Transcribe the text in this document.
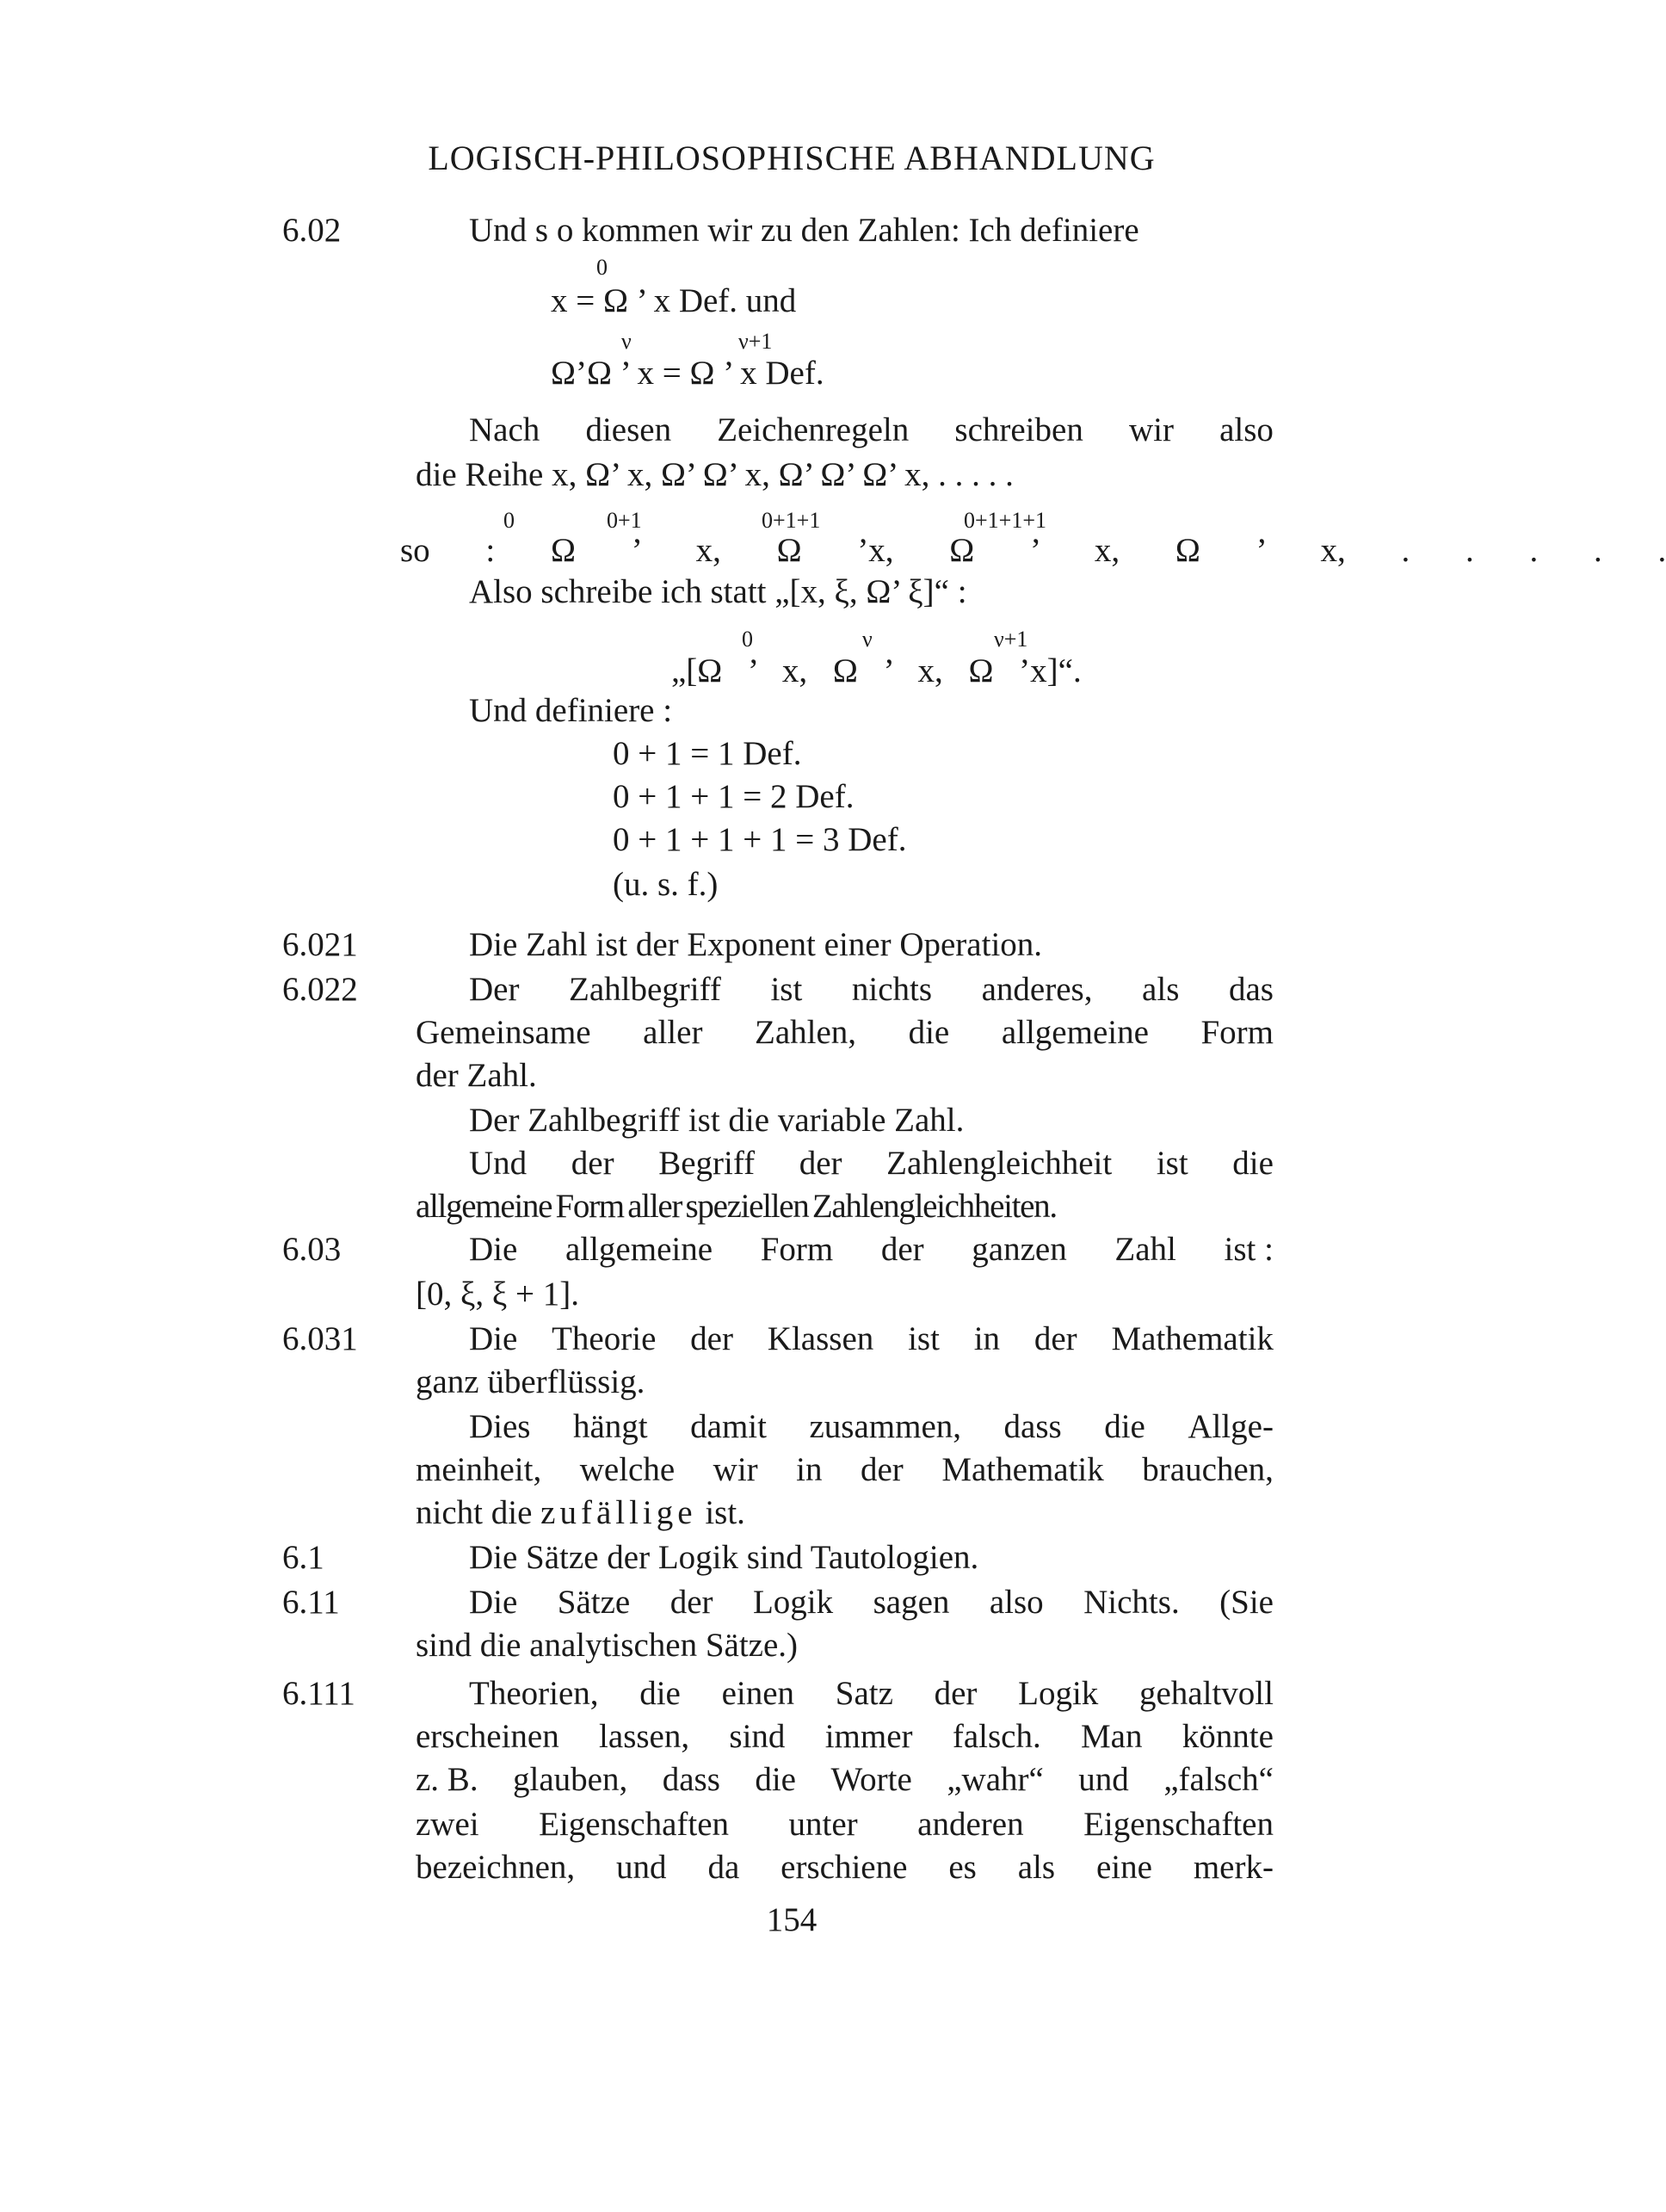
LOGISCH-PHILOSOPHISCHE ABHANDLUNG
6.02	Und s o kommen wir zu den Zahlen: Ich definiere
0
x = Ω ’ x Def. und
ν	ν+1
Ω’Ω ’ x = Ω ’ x Def.
Nach diesen Zeichenregeln schreiben wir also
die Reihe x, Ω’ x, Ω’ Ω’ x, Ω’ Ω’ Ω’ x, . . . . .
0	0+1	0+1+1	0+1+1+1
so : Ω ’ x, Ω ’x, Ω ’ x, Ω ’ x, . . . . .
Also schreibe ich statt „[x, ξ, Ω’ ξ]“ :
0	ν	ν+1
„[Ω ’ x, Ω ’ x, Ω ’x]“.
Und definiere :
0 + 1 = 1 Def.
0 + 1 + 1 = 2 Def.
0 + 1 + 1 + 1 = 3 Def.
(u. s. f.)
6.021	Die Zahl ist der Exponent einer Operation.
6.022	Der Zahlbegriff ist nichts anderes, als das
Gemeinsame aller Zahlen, die allgemeine Form
der Zahl.
Der Zahlbegriff ist die variable Zahl.
Und der Begriff der Zahlengleichheit ist die
allgemeine Form aller speziellen Zahlengleichheiten.
6.03	Die allgemeine Form der ganzen Zahl ist :
[0, ξ, ξ + 1].
6.031	Die Theorie der Klassen ist in der Mathematik
ganz überflüssig.
Dies hängt damit zusammen, dass die Allge-
meinheit, welche wir in der Mathematik brauchen,
nicht die zufällige ist.
6.1	Die Sätze der Logik sind Tautologien.
6.11	Die Sätze der Logik sagen also Nichts. (Sie
sind die analytischen Sätze.)
6.111	Theorien, die einen Satz der Logik gehaltvoll
erscheinen lassen, sind immer falsch. Man könnte
z. B. glauben, dass die Worte „wahr“ und „falsch“
zwei Eigenschaften unter anderen Eigenschaften
bezeichnen, und da erschiene es als eine merk-
154
